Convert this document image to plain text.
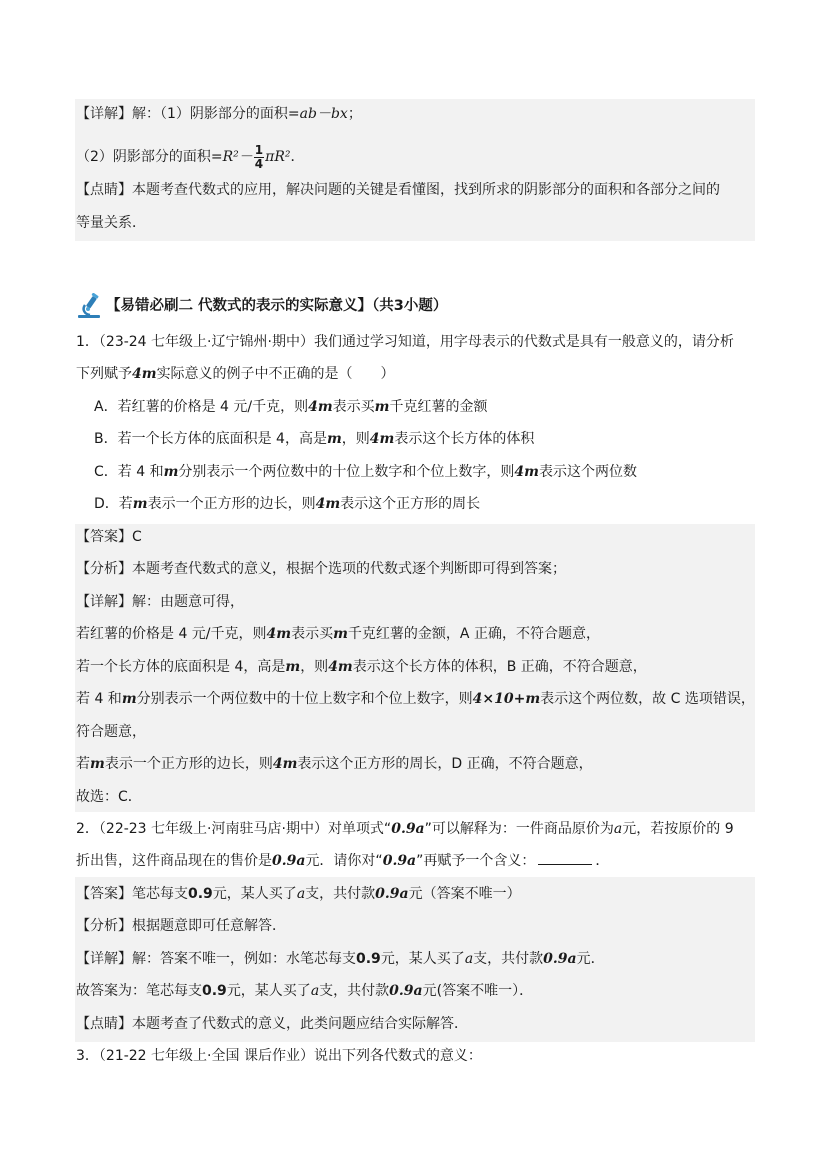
【详解】解：（1）阴影部分的面积=ab－bx；
（2）阴影部分的面积$=R^2- \frac{1}{4} \pi R^2$．
【点睛】本题考查代数式的应用，解决问题的关键是看懂图，找到所求的阴影部分的面积和各部分之间的
等量关系．
【易错必刷二 代数式的表示的实际意义】（共3小题）
1．（23-24 七年级上·辽宁锦州·期中）我们通过学习知道，用字母表示的代数式是具有一般意义的，请分析
下列赋予4m实际意义的例子中不正确的是（　　）
A．若红薯的价格是 4 元/千克，则4m表示买m千克红薯的金额
B．若一个长方体的底面积是 4，高是m，则4m表示这个长方体的体积
C．若 4 和m分别表示一个两位数中的十位上数字和个位上数字，则4m表示这个两位数
D．若m表示一个正方形的边长，则4m表示这个正方形的周长
【答案】C
【分析】本题考查代数式的意义，根据个选项的代数式逐个判断即可得到答案；
【详解】解：由题意可得，
若红薯的价格是 4 元/千克，则4m表示买m千克红薯的金额，A 正确，不符合题意，
若一个长方体的底面积是 4，高是m，则4m表示这个长方体的体积，B 正确，不符合题意，
若 4 和m分别表示一个两位数中的十位上数字和个位上数字，则4×10+m表示这个两位数，故 C 选项错误，
符合题意，
若m表示一个正方形的边长，则4m表示这个正方形的周长，D 正确，不符合题意，
故选：C．
2．（22-23 七年级上·河南驻马店·期中）对单项式“0.9a”可以解释为：一件商品原价为a元，若按原价的 9
折出售，这件商品现在的售价是0.9a元．请你对“0.9a”再赋予一个含义：	．
【答案】笔芯每支0.9元，某人买了a支，共付款0.9a元（答案不唯一）
【分析】根据题意即可任意解答．
【详解】解：答案不唯一，例如：水笔芯每支0.9元，某人买了a支，共付款0.9a元．
故答案为：笔芯每支0.9元，某人买了a支，共付款0.9a元(答案不唯一）．
【点睛】本题考查了代数式的意义，此类问题应结合实际解答．
3．（21-22 七年级上·全国 课后作业）说出下列各代数式的意义：
